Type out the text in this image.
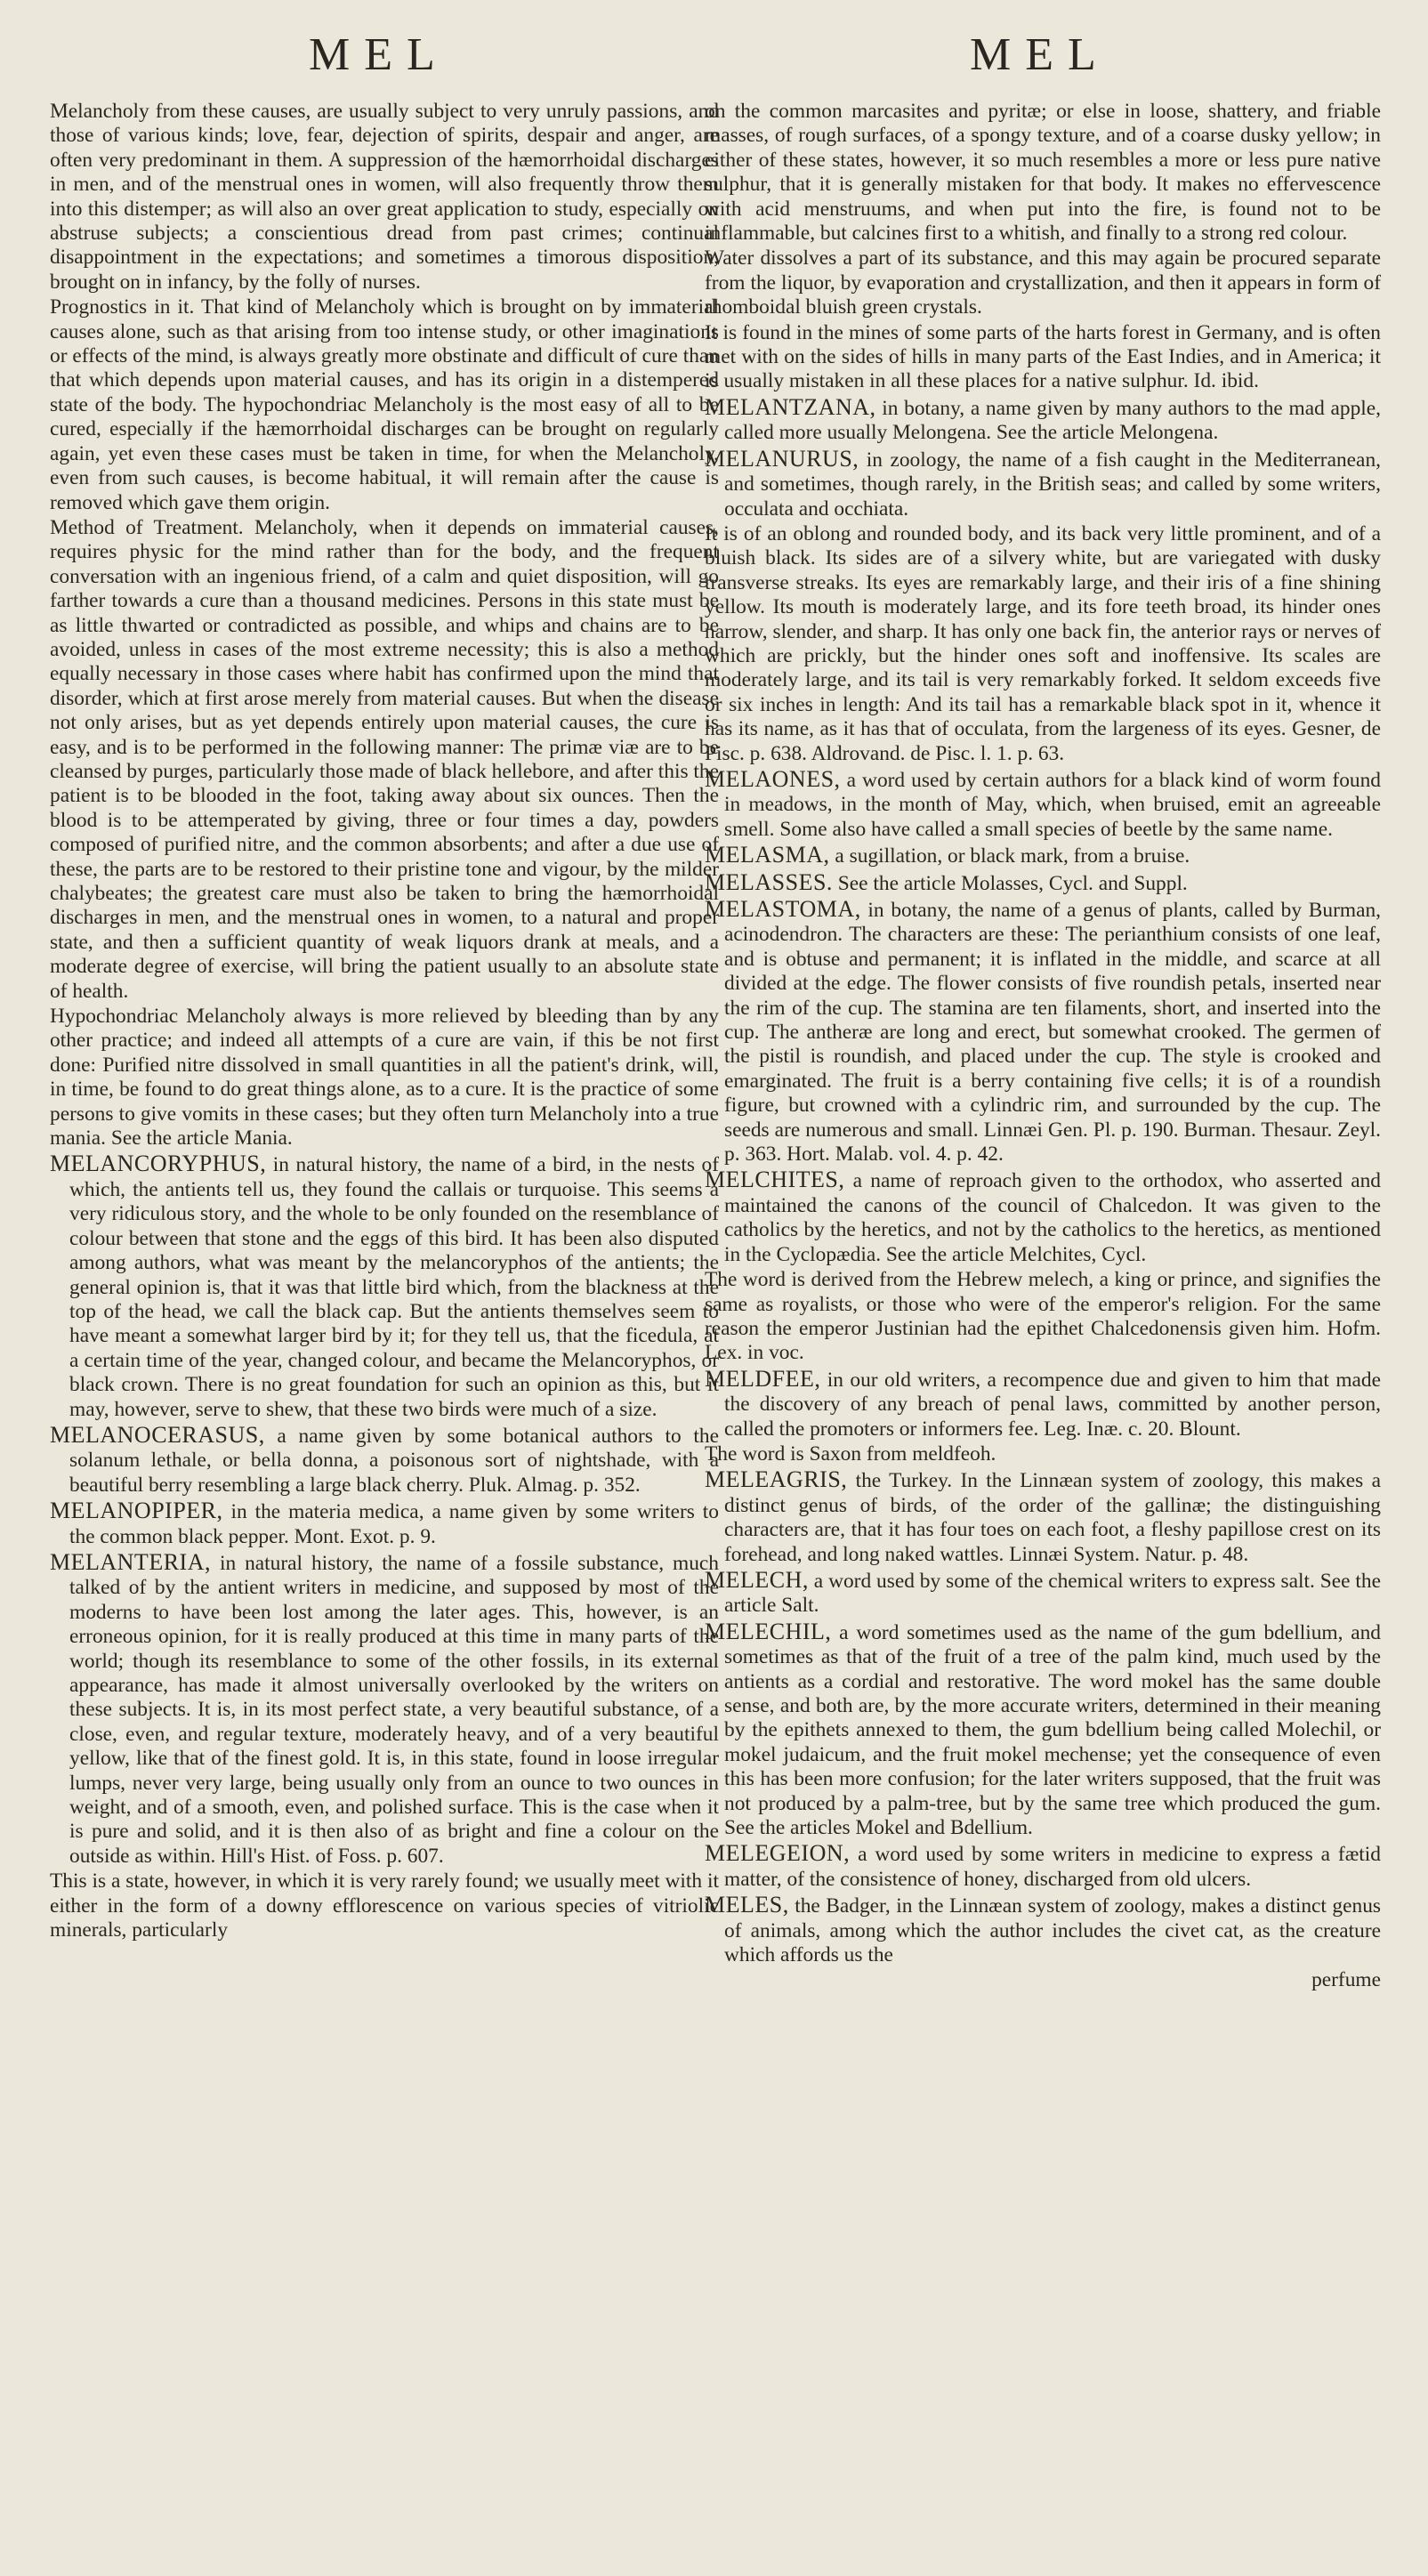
MEL	MEL

Melancholy from these causes, are usually subject to very unruly passions, and those of various kinds; love, fear, dejection of spirits, despair and anger, are often very predominant in them. A suppression of the hæmorrhoidal discharges in men, and of the menstrual ones in women, will also frequently throw them into this distemper; as will also an over great application to study, especially on abstruse subjects; a conscientious dread from past crimes; continual disappointment in the expectations; and sometimes a timorous disposition, brought on in infancy, by the folly of nurses.

Prognostics in it. That kind of Melancholy which is brought on by immaterial causes alone, such as that arising from too intense study, or other imaginations or effects of the mind, is always greatly more obstinate and difficult of cure than that which depends upon material causes, and has its origin in a distempered state of the body. The hypochondriac Melancholy is the most easy of all to be cured, especially if the hæmorrhoidal discharges can be brought on regularly again, yet even these cases must be taken in time, for when the Melancholy, even from such causes, is become habitual, it will remain after the cause is removed which gave them origin.

Method of Treatment. Melancholy, when it depends on immaterial causes, requires physic for the mind rather than for the body, and the frequent conversation with an ingenious friend, of a calm and quiet disposition, will go farther towards a cure than a thousand medicines. Persons in this state must be as little thwarted or contradicted as possible, and whips and chains are to be avoided, unless in cases of the most extreme necessity; this is also a method equally necessary in those cases where habit has confirmed upon the mind that disorder, which at first arose merely from material causes. But when the disease not only arises, but as yet depends entirely upon material causes, the cure is easy, and is to be performed in the following manner: The primæ viæ are to be cleansed by purges, particularly those made of black hellebore, and after this the patient is to be blooded in the foot, taking away about six ounces. Then the blood is to be attemperated by giving, three or four times a day, powders composed of purified nitre, and the common absorbents; and after a due use of these, the parts are to be restored to their pristine tone and vigour, by the milder chalybeates; the greatest care must also be taken to bring the hæmorrhoidal discharges in men, and the menstrual ones in women, to a natural and proper state, and then a sufficient quantity of weak liquors drank at meals, and a moderate degree of exercise, will bring the patient usually to an absolute state of health.

Hypochondriac Melancholy always is more relieved by bleeding than by any other practice; and indeed all attempts of a cure are vain, if this be not first done: Purified nitre dissolved in small quantities in all the patient's drink, will, in time, be found to do great things alone, as to a cure. It is the practice of some persons to give vomits in these cases; but they often turn Melancholy into a true mania. See the article Mania.

MELANCORYPHUS, in natural history, the name of a bird, in the nests of which, the antients tell us, they found the callais or turquoise. This seems a very ridiculous story, and the whole to be only founded on the resemblance of colour between that stone and the eggs of this bird. It has been also disputed among authors, what was meant by the melancoryphos of the antients; the general opinion is, that it was that little bird which, from the blackness at the top of the head, we call the black cap. But the antients themselves seem to have meant a somewhat larger bird by it; for they tell us, that the ficedula, at a certain time of the year, changed colour, and became the Melancoryphos, or black crown. There is no great foundation for such an opinion as this, but it may, however, serve to shew, that these two birds were much of a size.

MELANOCERASUS, a name given by some botanical authors to the solanum lethale, or bella donna, a poisonous sort of nightshade, with a beautiful berry resembling a large black cherry. Pluk. Almag. p. 352.

MELANOPIPER, in the materia medica, a name given by some writers to the common black pepper. Mont. Exot. p. 9.

MELANTERIA, in natural history, the name of a fossile substance, much talked of by the antient writers in medicine, and supposed by most of the moderns to have been lost among the later ages. This, however, is an erroneous opinion, for it is really produced at this time in many parts of the world; though its resemblance to some of the other fossils, in its external appearance, has made it almost universally overlooked by the writers on these subjects. It is, in its most perfect state, a very beautiful substance, of a close, even, and regular texture, moderately heavy, and of a very beautiful yellow, like that of the finest gold. It is, in this state, found in loose irregular lumps, never very large, being usually only from an ounce to two ounces in weight, and of a smooth, even, and polished surface. This is the case when it is pure and solid, and it is then also of as bright and fine a colour on the outside as within. Hill's Hist. of Foss. p. 607.

This is a state, however, in which it is very rarely found; we usually meet with it either in the form of a downy efflorescence on various species of vitriolic minerals, particularly

on the common marcasites and pyritæ; or else in loose, shattery, and friable masses, of rough surfaces, of a spongy texture, and of a coarse dusky yellow; in either of these states, however, it so much resembles a more or less pure native sulphur, that it is generally mistaken for that body. It makes no effervescence with acid menstruums, and when put into the fire, is found not to be inflammable, but calcines first to a whitish, and finally to a strong red colour.

Water dissolves a part of its substance, and this may again be procured separate from the liquor, by evaporation and crystallization, and then it appears in form of rhomboidal bluish green crystals.

It is found in the mines of some parts of the harts forest in Germany, and is often met with on the sides of hills in many parts of the East Indies, and in America; it is usually mistaken in all these places for a native sulphur. Id. ibid.

MELANTZANA, in botany, a name given by many authors to the mad apple, called more usually Melongena. See the article Melongena.

MELANURUS, in zoology, the name of a fish caught in the Mediterranean, and sometimes, though rarely, in the British seas; and called by some writers, occulata and occhiata.

It is of an oblong and rounded body, and its back very little prominent, and of a bluish black. Its sides are of a silvery white, but are variegated with dusky transverse streaks. Its eyes are remarkably large, and their iris of a fine shining yellow. Its mouth is moderately large, and its fore teeth broad, its hinder ones narrow, slender, and sharp. It has only one back fin, the anterior rays or nerves of which are prickly, but the hinder ones soft and inoffensive. Its scales are moderately large, and its tail is very remarkably forked. It seldom exceeds five or six inches in length: And its tail has a remarkable black spot in it, whence it has its name, as it has that of occulata, from the largeness of its eyes. Gesner, de Pisc. p. 638. Aldrovand. de Pisc. l. 1. p. 63.

MELAONES, a word used by certain authors for a black kind of worm found in meadows, in the month of May, which, when bruised, emit an agreeable smell. Some also have called a small species of beetle by the same name.

MELASMA, a sugillation, or black mark, from a bruise.

MELASSES. See the article Molasses, Cycl. and Suppl.

MELASTOMA, in botany, the name of a genus of plants, called by Burman, acinodendron. The characters are these: The perianthium consists of one leaf, and is obtuse and permanent; it is inflated in the middle, and scarce at all divided at the edge. The flower consists of five roundish petals, inserted near the rim of the cup. The stamina are ten filaments, short, and inserted into the cup. The antheræ are long and erect, but somewhat crooked. The germen of the pistil is roundish, and placed under the cup. The style is crooked and emarginated. The fruit is a berry containing five cells; it is of a roundish figure, but crowned with a cylindric rim, and surrounded by the cup. The seeds are numerous and small. Linnæi Gen. Pl. p. 190. Burman. Thesaur. Zeyl. p. 363. Hort. Malab. vol. 4. p. 42.

MELCHITES, a name of reproach given to the orthodox, who asserted and maintained the canons of the council of Chalcedon. It was given to the catholics by the heretics, and not by the catholics to the heretics, as mentioned in the Cyclopædia. See the article Melchites, Cycl.

The word is derived from the Hebrew melech, a king or prince, and signifies the same as royalists, or those who were of the emperor's religion. For the same reason the emperor Justinian had the epithet Chalcedonensis given him. Hofm. Lex. in voc.

MELDFEE, in our old writers, a recompence due and given to him that made the discovery of any breach of penal laws, committed by another person, called the promoters or informers fee. Leg. Inæ. c. 20. Blount.

The word is Saxon from meldfeoh.

MELEAGRIS, the Turkey. In the Linnæan system of zoology, this makes a distinct genus of birds, of the order of the gallinæ; the distinguishing characters are, that it has four toes on each foot, a fleshy papillose crest on its forehead, and long naked wattles. Linnæi System. Natur. p. 48.

MELECH, a word used by some of the chemical writers to express salt. See the article Salt.

MELECHIL, a word sometimes used as the name of the gum bdellium, and sometimes as that of the fruit of a tree of the palm kind, much used by the antients as a cordial and restorative. The word mokel has the same double sense, and both are, by the more accurate writers, determined in their meaning by the epithets annexed to them, the gum bdellium being called Molechil, or mokel judaicum, and the fruit mokel mechense; yet the consequence of even this has been more confusion; for the later writers supposed, that the fruit was not produced by a palm-tree, but by the same tree which produced the gum. See the articles Mokel and Bdellium.

MELEGEION, a word used by some writers in medicine to express a fætid matter, of the consistence of honey, discharged from old ulcers.

MELES, the Badger, in the Linnæan system of zoology, makes a distinct genus of animals, among which the author includes the civet cat, as the creature which affords us the

perfume
